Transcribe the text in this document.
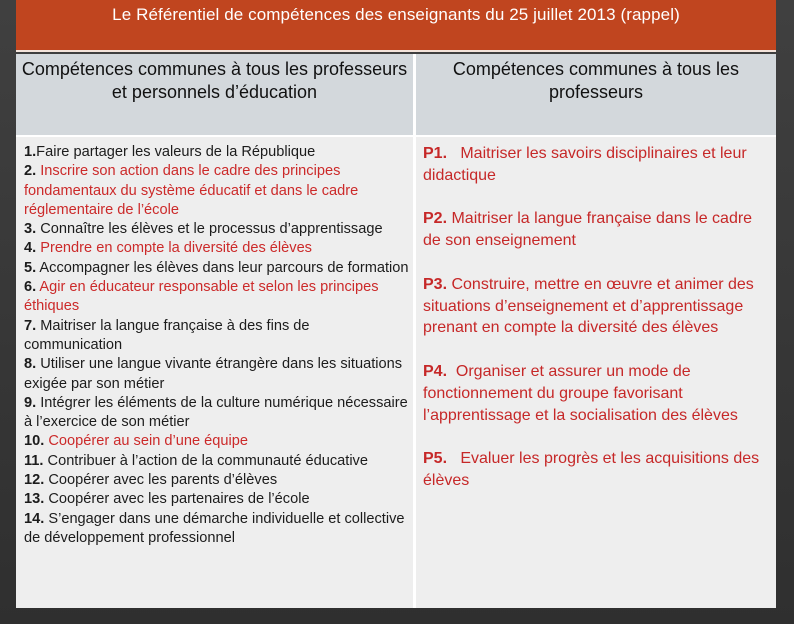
Le Référentiel de compétences des enseignants du 25 juillet 2013 (rappel)
Compétences communes à tous les professeurs et personnels d’éducation
Compétences communes à tous les professeurs
1.Faire partager les valeurs de la République
2. Inscrire son action dans le cadre des principes fondamentaux du système éducatif et dans le cadre réglementaire de l’école
3. Connaître les élèves et le processus d’apprentissage
4. Prendre en compte la diversité des élèves
5. Accompagner les élèves dans leur parcours de formation
6. Agir en éducateur responsable et selon les principes éthiques
7. Maitriser la langue française à des fins de communication
8. Utiliser une langue vivante étrangère dans les situations exigée par son métier
9. Intégrer les éléments de la culture numérique nécessaire à l’exercice de son métier
10. Coopérer au sein d’une équipe
11. Contribuer à l’action de la communauté éducative
12. Coopérer avec les parents d’élèves
13. Coopérer avec les partenaires de l’école
14. S’engager dans une démarche individuelle et collective de développement professionnel
P1.   Maitriser les savoirs disciplinaires et leur didactique
P2. Maitriser la langue française dans le cadre de son enseignement
P3. Construire, mettre en œuvre et animer des situations d’enseignement et d’apprentissage prenant en compte la diversité des élèves
P4.  Organiser et assurer un mode de fonctionnement du groupe favorisant l’apprentissage et la socialisation des élèves
P5.   Evaluer les progrès et les acquisitions des élèves
